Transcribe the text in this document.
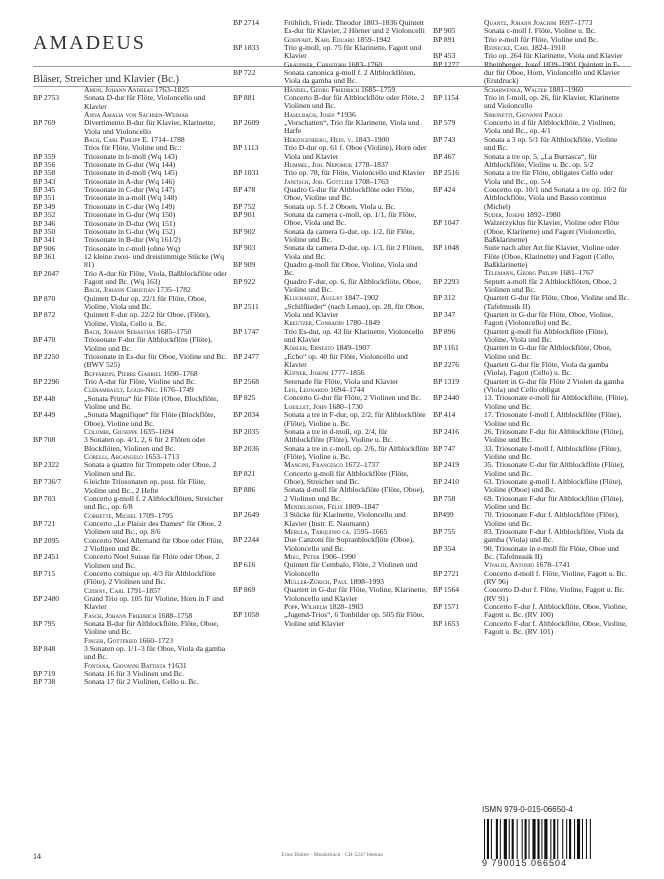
AMADEUS
Bläser, Streicher und Klavier (Bc.)
Amon, Johann Andreas 1763–1825
BP 2753	Sonata D-dur für Flöte, Violoncello und Klavier
Anna Amalia von Sachsen-Weimar
BP 769	Divertimento B-dur für Klavier, Klarinette, Viola und Violoncello
Bach, Carl Philipp E. 1714–1788
Trios für Flöte, Violine und Bc.:
BP 359	Triosonate in h-moll (Wq 143)
BP 356	Triosonate in G-dur (Wq 144)
BP 358	Triosonate in d-moll (Wq 145)
BP 343	Triosonate in A-dur (Wq 146)
BP 345	Triosonate in C-dur (Wq 147)
BP 351	Triosonate in a-moll (Wq 148)
BP 349	Triosonate in C-dur (Wq 149)
BP 352	Triosonate in G-dur (Wq 150)
BP 346	Triosonate in D-dur (Wq 151)
BP 350	Triosonate in G-dur (Wq 152)
BP 341	Triosonate in B-dur (Wq 161/2)
BP 906	Triosonate in c-moll (ohne Wq)
BP 361	12 kleine zwei- und dreistimmige Stücke (Wq 81)
BP 2047	Trio A-dur für Flöte, Viola, Baßblockflöte oder Fagott und Bc. (Wq 163)
Bach, Johann Christian 1735–1782
BP 870	Quintett D-dur op. 22/1 für Flöte, Oboe, Violine, Viola und Bc.
BP 872	Quintett F-dur op. 22/2 für Oboe, (Flöte), Violine, Viola, Cello u. Bc.
Bach, Johann Sebastian 1685–1750
BP 470	Triosonate F-dur für Altblockflöte (Flöte), Violine und Bc.
BP 2250	Triosonate in Es-dur für Oboe, Violine und Bc. (BWV 525)
Buffardin, Pierre Gabriel 1690–1768
BP 2296	Trio A-dur für Flöte, Violine und Bc.
Clérambault, Louis-Nic. 1676–1749
BP 448	„Sonata Prima“ für Flöte (Oboe, Blockflöte, Violine und Bc.
BP 449	„Sonata Magnifique“ für Flöte (Blockflöte, Oboe), Violine und Bc.
Colombi, Giuseppe 1635–1694
BP 708	3 Sonaten op. 4/1, 2, 6 für 2 Flöten oder Blockflöten, Violinen und Bc.
Corelli, Arcangelo 1653–1713
BP 2322	Sonata a quattro für Trompete oder Oboe, 2 Violinen und Bc.
BP 736/7	6 leichte Triosonaten op. post. für Flöte, Violine und Bc., 2 Hefte
BP 703	Concerto g-moll f. 2 Altblockflöten, Streicher und Bc., op. 6/8
Corrette, Michel 1709–1795
BP 721	Concerto „Le Plaisir des Dames“ für Oboe, 2 Violinen und Bc., op. 8/6
BP 2095	Concerto Noel Allemand für Oboe oder Flöte, 2 Violinen und Bc.
BP 2451	Concerto Noel Suisse für Flöte oder Oboe, 2 Violinen und Bc.
BP 715	Concerto comique op. 4/3 für Altblockflöte (Flöte), 2 Violinen und Bc.
Czerny, Carl 1791–1857
BP 2480	Grand Trio op. 105 für Violine, Horn in F und Klavier
Fasch, Johann Friedrich 1688–1758
BP 795	Sonata B-dur für Altblockflöte, Flöte, Oboe, Violine und Bc.
Finger, Gottfried 1660–1723
BP 848	3 Sonaten op. 1/1–3 für Oboe, Viola da gamba und Bc.
Fontana, Giovanni Battista †1631
BP 719	Sonata 16 für 3 Violinen und Bc.
BP 738	Sonata 17 für 2 Violinen, Cello u. Bc.
BP 2714	Fröhlich, Friedr. Theodor 1803–1836 Quintett Es-dur für Klavier, 2 Hörner und 2 Violoncelli
Goepfart, Karl Eduard 1859–1942
BP 1833	Trio g-moll, op. 75 für Klarinette, Fagott und Klavier
Graupner, Christoph 1683–1760
BP 722	Sonata canonica g-moll f. 2 Altblockflöten, Viola da gamba und Bc.
Händel, Georg Friedrich 1685–1759
BP 881	Concerto B-dur für Altblockflöte oder Flöte, 2 Violinen und Bc.
Haselbach, Josef *1936
BP 2609	„Vorschatten“, Trio für Klarinette, Viola und Harfe
Herzogenberg, Hein. v. 1843–1900
BP 1113	Trio D-dur op. 61 f. Oboe (Violine), Horn oder Viola und Klavier
Hummel, Joh. Nepomuk 1778–1837
BP 1031	Trio op. 78, für Flöte, Violoncello und Klavier
Janitsch, Joh. Gottlieb 1708–1763
BP 478	Quadro G-dur für Altblockflöte oder Flöte, Oboe, Violine und Bc.
BP 752	Sonata op. 5 f. 2 Oboen, Viola u. Bc.
BP 901	Sonata da camera c-moll, op. 1/1, für Flöte, Oboe, Viola und Bc.
BP 902	Sonata da camera G-dur, op. 1/2, für Flöte, Violine und Bc.
BP 903	Sonata da camera D-dur, op. 1/3, für 2 Flöten, Viola und Bc.
BP 909	Quadro g-moll für Oboe, Violine, Viola und Bc.
BP 922	Quadro F-dur, op. 6, für Altblockflöte, Oboe, Violine und Bc.
Klughardt, August 1847–1902
BP 2511	„Schilflieder“ (nach Lenau), op. 28, für Oboe, Viola und Klavier
Kreutzer, Conradin 1780–1849
BP 1747	Trio Es-dur, op. 43 für Klarinette, Violoncello und Klavier
Köhler, Ernesto 1849–1907
BP 2477	„Echo“ op. 40 für Flöte, Violoncello und Klavier
Küfner, Joseph 1777–1856
BP 2568	Serenade für Flöte, Viola und Klavier
Leo, Leonardo 1694–1744
BP 825	Concerto G-dur für Flöte, 2 Violinen und Bc.
Loeillet, John 1680–1730
BP 2034	Sonata a tre in F-dur, op. 2/2, für Altblockflöte (Flöte), Violine u. Bc.
BP 2035	Sonata a tre in d-moll, op. 2/4, für Altblockflöte (Flöte), Violine u. Bc.
BP 2036	Sonata a tre in c-moll, op. 2/6, für Altblockflöte (Flöte), Violine u. Bc.
Mancini, Francesco 1672–1737
BP 821	Concerto g-moll für Altblockflöte (Flöte, Oboe), Streicher und Bc.
BP 886	Sonata d-moll für Altblockflöte (Flöte, Oboe), 2 Violinen und Bc.
Mendelssohn, Felix 1809–1847
BP 2649	3 Stücke für Klarinette, Violoncello und Klavier (Instr. E. Naumann)
Merula, Tarquinio ca. 1595–1665
BP 2244	Due Canzoni für Sopranblockflöte (Oboe), Violoncello und Bc.
Mieg, Peter 1906–1990
BP 616	Quintett für Cembalo, Flöte, 2 Violinen und Violoncello
Müller-Zürich, Paul 1898–1993
BP 869	Quartett in G-dur für Flöte, Violine, Klarinette, Violoncello und Klavier
Popp, Wilhelm 1828–1903
BP 1058	„Jugend-Trios“, 6 Tonbilder op. 505 für Flöte, Violine und Klavier
Quantz, Johann Joachim 1697–1773
BP 905	Sonata c-moll f. Flöte, Violine u. Bc.
BP 891	Trio e-moll für Flöte, Violine und Bc.
Reinecke, Carl 1824–1910
BP 453	Trio op. 264 für Klarinette, Viola und Klavier
BP 1277	Rheinberger, Josef 1839–1901 Quintett in F-dur für Oboe, Horn, Violoncello und Klavier (Erstdruck)
Scharwenka, Walter 1881–1960
BP 1154	Trio in f-moll, op. 26, für Klavier, Klarinette und Violoncello
Simonetti, Giovanni Paolo
BP 579	Concerto in d für Altblockflöte, 2 Violinen, Viola und Bc., op. 4/1
BP 743	Sonata a 3 op. 5/1 für Altblockflöte, Violine und Bc.
BP 467	Sonata a tre op. 5, „La Burrasca“, für Altblockflöte, Violine u. Bc. op. 5/2
BP 2516	Sonata a tre für Flöte, obligates Cello oder Viola und Bc., op. 5/4
BP 424	Concerto op. 10/1 und Sonata a tre op. 10/2 für Altblockflöte, Viola und Basso continuo (Michel)
Suder, Joseph 1892–1980
BP 1047	Walzerzyklus für Klavier, Violine oder Flöte (Oboe, Klarinette) und Fagott (Violoncello, Baßklarinette)
BP 1048	Suite nach alter Art für Klavier, Violine oder Flöte (Oboe, Klarinette) und Fagott (Cello, Baßklarinette)
Telemann, Georg Philipp 1681–1767
BP 2293	Septett a-moll für 2 Altblockflöten, Oboe, 2 Violinen und Bc.
BP 312	Quartett G-dur für Flöte, Oboe, Violine und Bc. (Tafelmusik II)
BP 347	Quartett in G-dur für Flöte, Oboe, Violine, Fagott (Violoncello) und Bc.
BP 896	Quartett g-moll für Altblockflöte (Flöte), Violine, Viola und Bc.
BP 1161	Quartett in G-dur für Altblockflöte, Oboe, Violine und Bc.
BP 2276	Quartett G-dur für Flöte, Viola da gamba (Viola), Fagott (Cello) u. Bc.
BP 1319	Quartett in G-dur für Flöte 2 Violen da gamba (Viola) und Cello obligat
BP 2440	13. Triosonate e-moll für Altblockflöte, (Flöte), Violine und Bc.
BP 414	17. Triosonate f-moll f. Altblockflöte (Flöte), Violine und Bc.
BP 2416	26. Triosonate F-dur für Altblockflöte (Flöte), Violine und Bc.
BP 747	33. Triosonate f-moll f. Altblockflöte (Flöte), Violine und Bc.
BP 2419	35. Triosonate C-dur für Altblockflöte (Flöte), Violine und Bc.
BP 2410	63. Triosonate g-moll f. Altblockflöte (Flöte), Violine (Oboe) und Bc.
BP 758	69. Triosonate F-dur für Altblockflöte (Flöte), Violine und Bc.
BP499	70. Triosonate F-dur f. Altblockflöte (Flöte), Violine und Bc.
BP 755	83. Triosonate F-dur f. Altblockflöte, Viola da gamba (Viola) und Bc.
BP 354	90. Triosonate in e-moll für Flöte, Oboe und Bc. (Tafelmusik II)
Vivaldi, Antonio 1678–1741
BP 2721	Concerto d-moll f. Flöte, Violine, Fagott u. Bc. (RV 96)
BP 1564	Concerto D-dur f. Flöte, Violine, Fagott u. Bc. (RV 91)
BP 1571	Concerto F-dur f. Altblockflöte, Oboe, Violine, Fagott u. Bc. (RV 100)
BP 1653	Concerto F-dur f. Altblockflöte, Oboe, Violine, Fagott u. Bc. (RV 101)
ISMN 979-0-015-06650-4
9 790015 066504
14	Ernst Bühler · Musikdruck · CH-5247 Hemau
